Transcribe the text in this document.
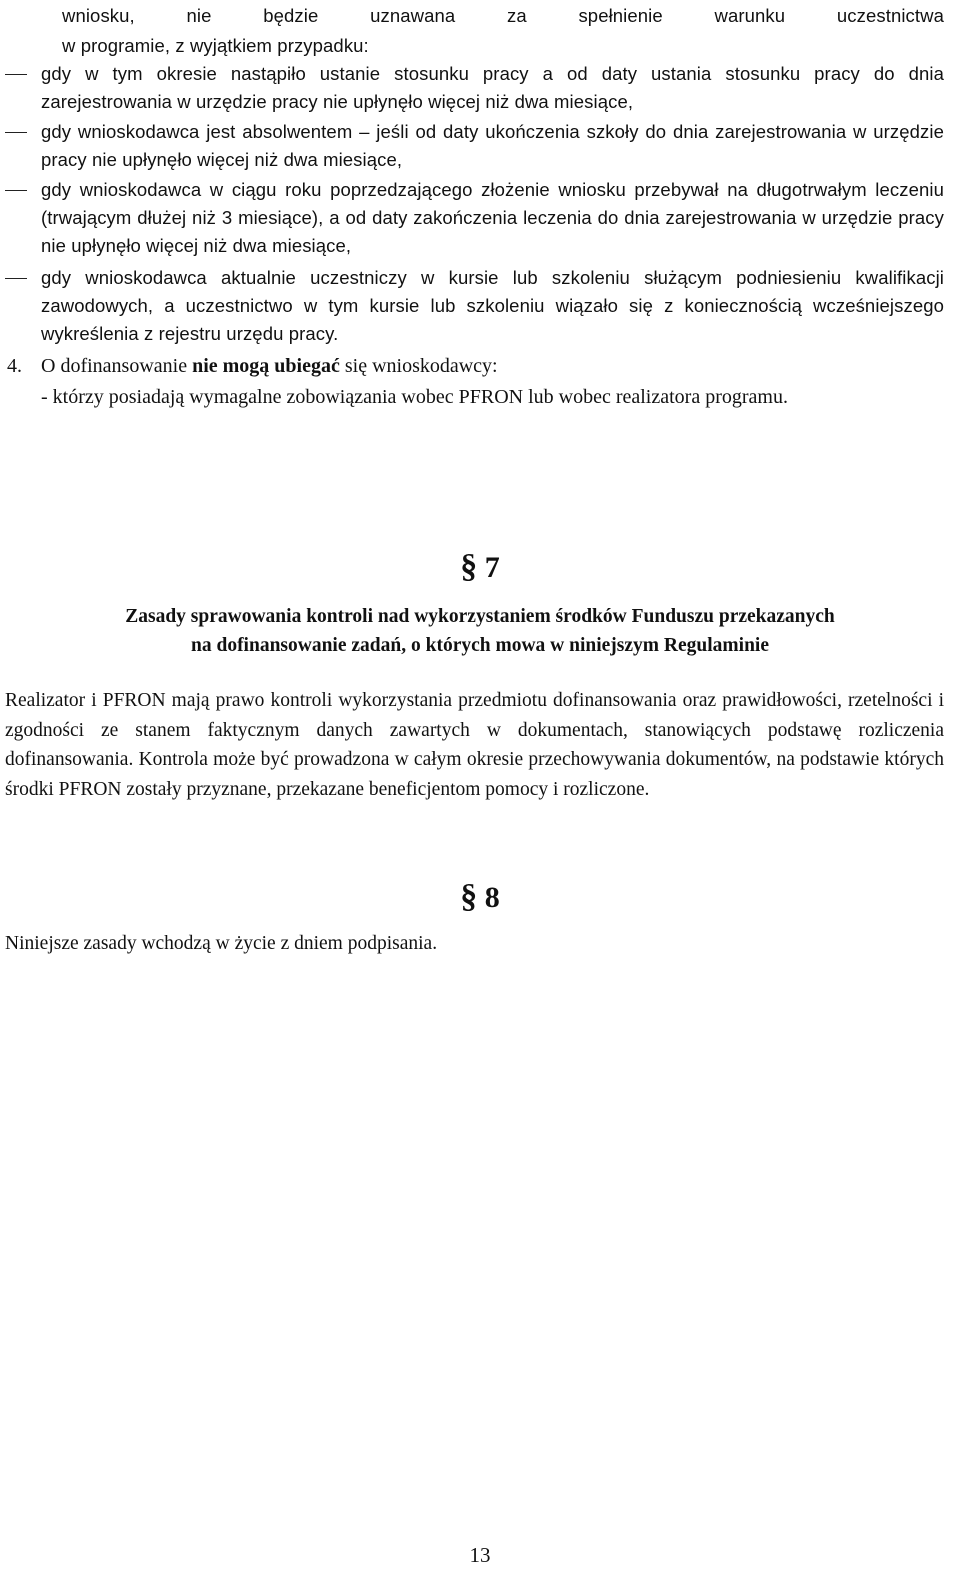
wniosku, nie będzie uznawana za spełnienie warunku uczestnictwa
w programie, z wyjątkiem przypadku:
gdy w tym okresie nastąpiło ustanie stosunku pracy a od daty ustania stosunku pracy do dnia zarejestrowania w urzędzie pracy nie upłynęło więcej niż dwa miesiące,
gdy wnioskodawca jest absolwentem – jeśli od daty ukończenia szkoły do dnia zarejestrowania w urzędzie pracy nie upłynęło więcej niż dwa miesiące,
gdy wnioskodawca w ciągu roku poprzedzającego złożenie wniosku przebywał na długotrwałym leczeniu (trwającym dłużej niż 3 miesiące), a od daty zakończenia leczenia do dnia zarejestrowania w urzędzie pracy nie upłynęło więcej niż dwa miesiące,
gdy wnioskodawca aktualnie uczestniczy w kursie lub szkoleniu służącym podniesieniu kwalifikacji zawodowych, a uczestnictwo w tym kursie lub szkoleniu wiązało się z koniecznością wcześniejszego wykreślenia z rejestru urzędu pracy.
4. O dofinansowanie nie mogą ubiegać się wnioskodawcy:
- którzy posiadają wymagalne zobowiązania wobec PFRON lub wobec realizatora programu.
§ 7
Zasady sprawowania kontroli nad wykorzystaniem środków Funduszu przekazanych
na dofinansowanie zadań, o których mowa w niniejszym Regulaminie
Realizator i PFRON mają prawo kontroli wykorzystania przedmiotu dofinansowania oraz prawidłowości, rzetelności i zgodności ze stanem faktycznym danych zawartych w dokumentach, stanowiących podstawę rozliczenia dofinansowania. Kontrola może być prowadzona w całym okresie przechowywania dokumentów, na podstawie których środki PFRON zostały przyznane, przekazane beneficjentom pomocy i rozliczone.
§ 8
Niniejsze zasady wchodzą w życie z dniem podpisania.
13
